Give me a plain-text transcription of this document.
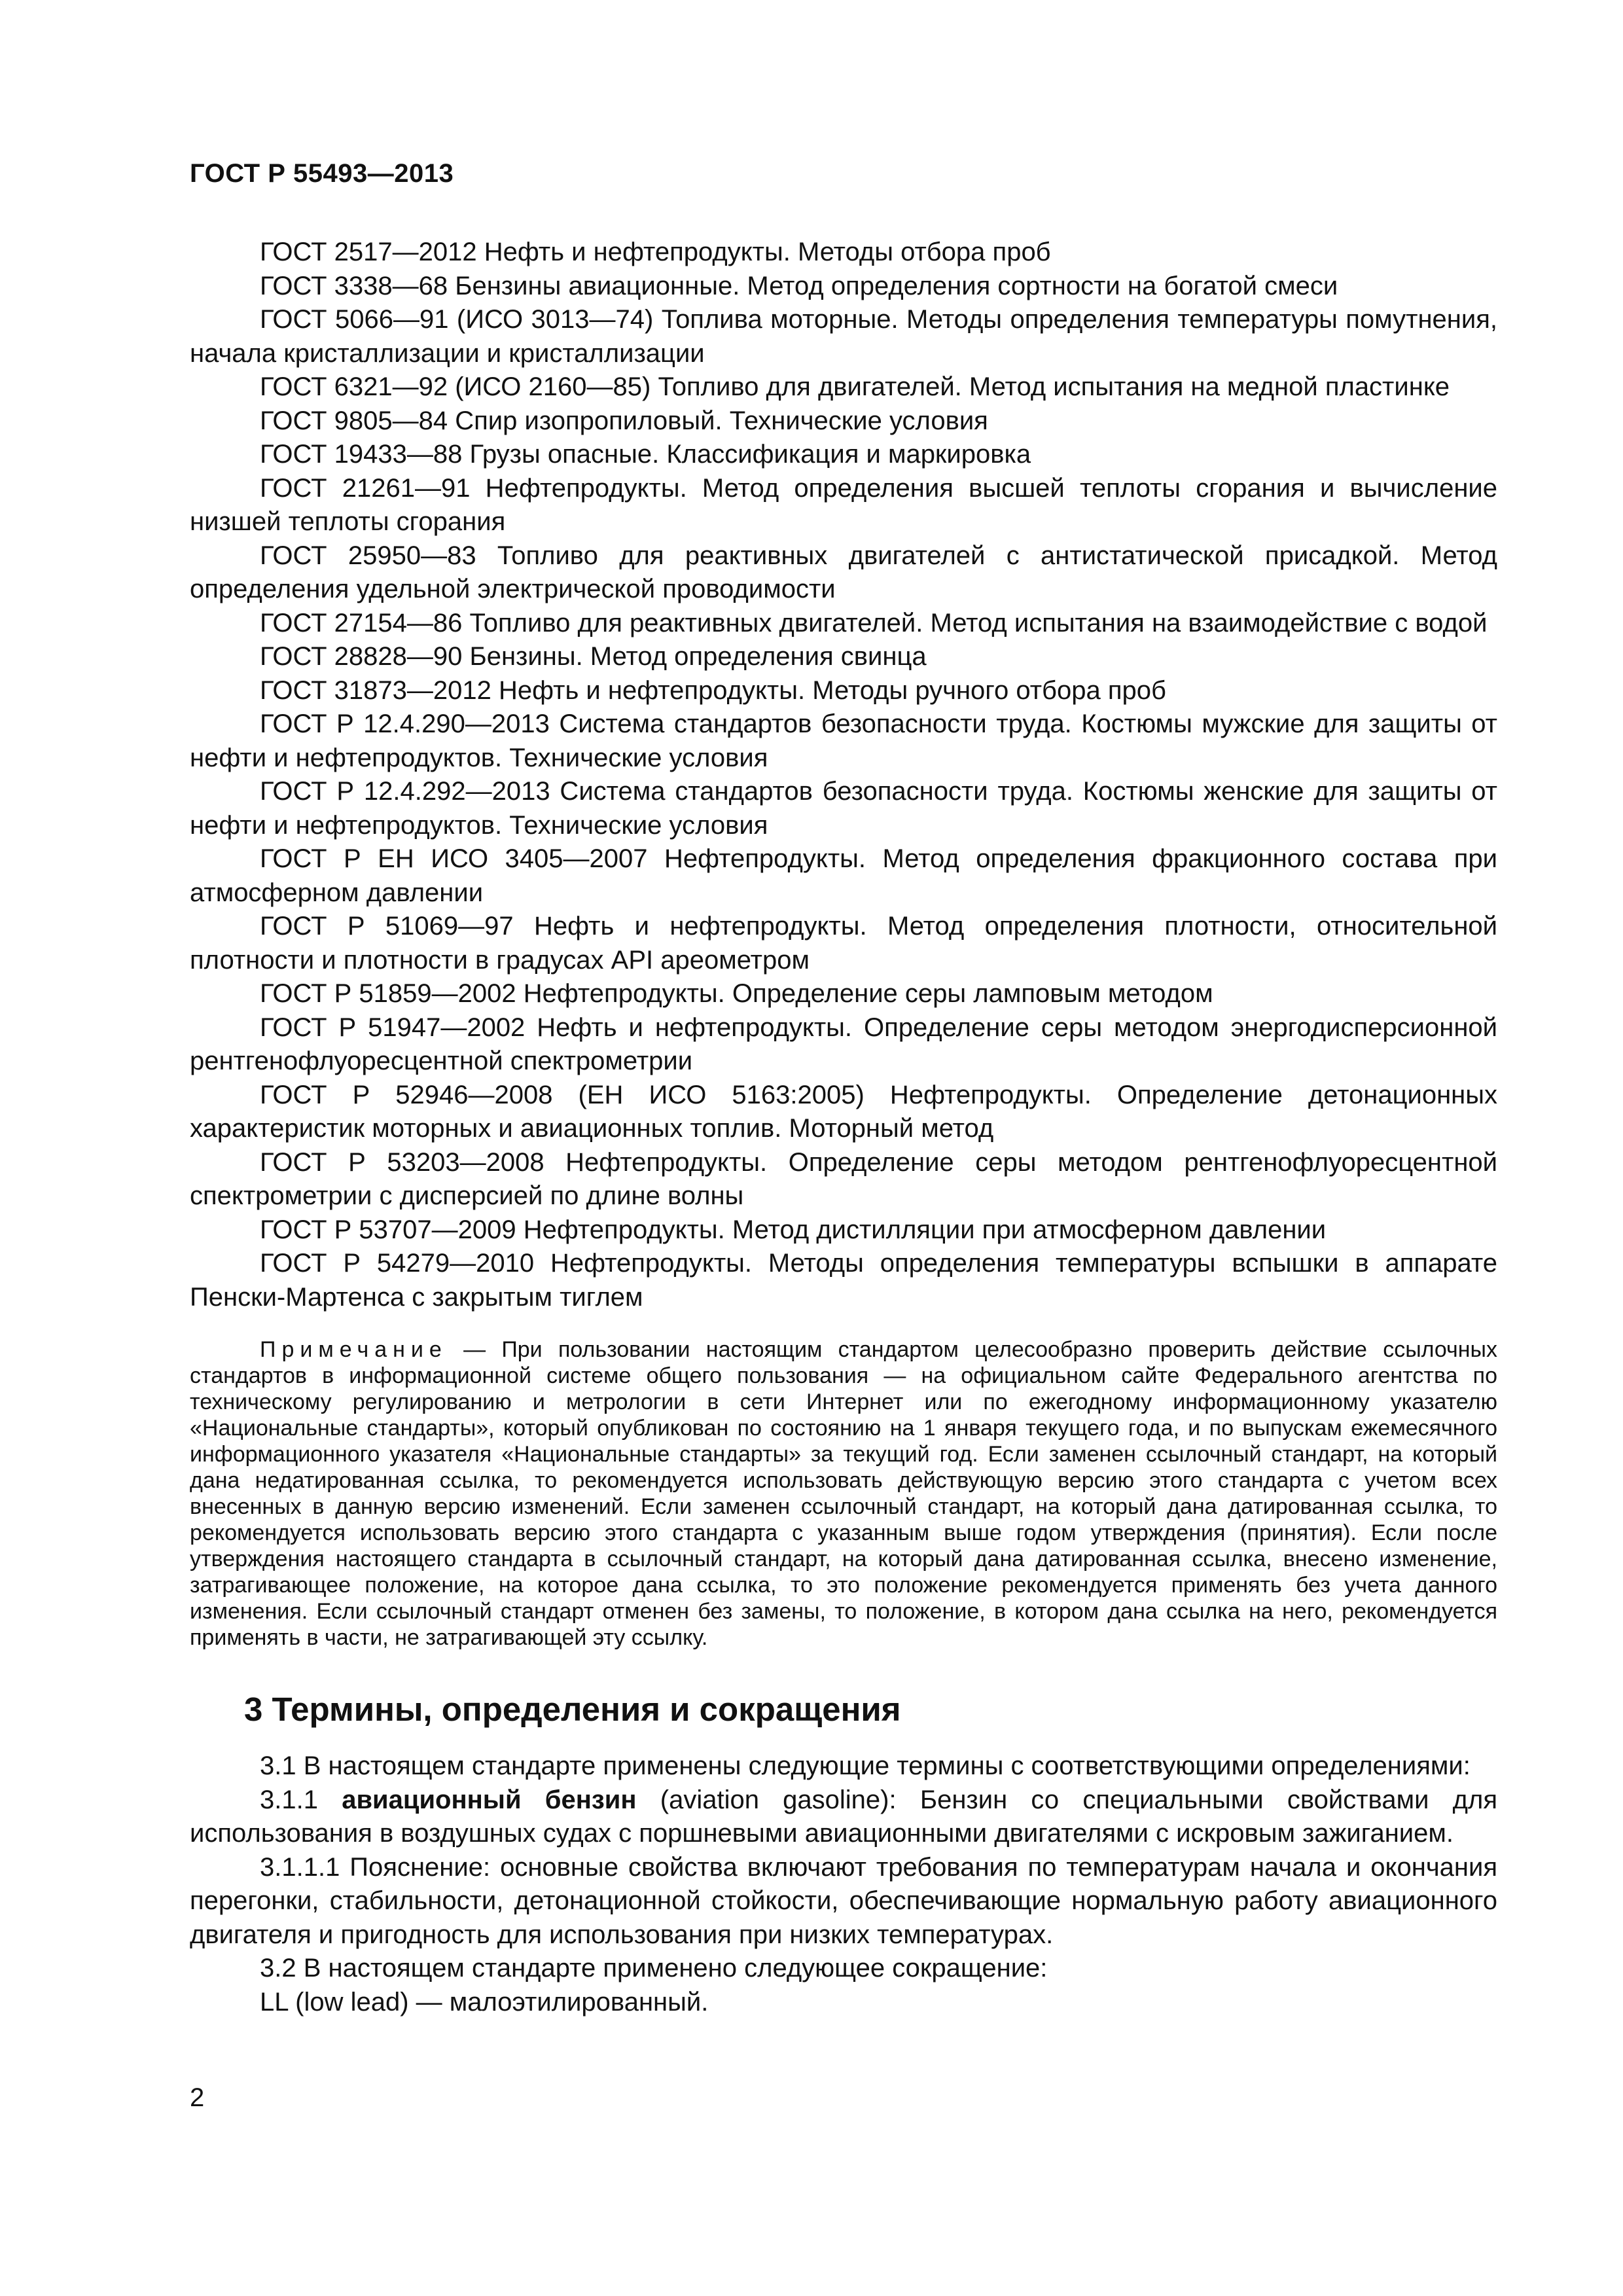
ГОСТ Р 55493—2013

ГОСТ 2517—2012 Нефть и нефтепродукты. Методы отбора проб

ГОСТ 3338—68 Бензины авиационные. Метод определения сортности на богатой смеси

ГОСТ 5066—91 (ИСО 3013—74) Топлива моторные. Методы определения температуры помутнения, начала кристаллизации и кристаллизации

ГОСТ 6321—92 (ИСО 2160—85) Топливо для двигателей. Метод испытания на медной пластинке

ГОСТ 9805—84 Спир изопропиловый. Технические условия

ГОСТ 19433—88 Грузы опасные. Классификация и маркировка

ГОСТ 21261—91 Нефтепродукты. Метод определения высшей теплоты сгорания и вычисление низшей теплоты сгорания

ГОСТ 25950—83 Топливо для реактивных двигателей с антистатической присадкой. Метод определения удельной электрической проводимости

ГОСТ 27154—86 Топливо для реактивных двигателей. Метод испытания на взаимодействие с водой

ГОСТ 28828—90 Бензины. Метод определения свинца

ГОСТ 31873—2012 Нефть и нефтепродукты. Методы ручного отбора проб

ГОСТ Р 12.4.290—2013 Система стандартов безопасности труда. Костюмы мужские для защиты от нефти и нефтепродуктов. Технические условия

ГОСТ Р 12.4.292—2013 Система стандартов безопасности труда. Костюмы женские для защиты от нефти и нефтепродуктов. Технические условия

ГОСТ Р ЕН ИСО 3405—2007 Нефтепродукты. Метод определения фракционного состава при атмосферном давлении

ГОСТ Р 51069—97 Нефть и нефтепродукты. Метод определения плотности, относительной плотности и плотности в градусах API ареометром

ГОСТ Р 51859—2002 Нефтепродукты. Определение серы ламповым методом

ГОСТ Р 51947—2002 Нефть и нефтепродукты. Определение серы методом энергодисперсионной рентгенофлуоресцентной спектрометрии

ГОСТ Р 52946—2008 (ЕН ИСО 5163:2005) Нефтепродукты. Определение детонационных характеристик моторных и авиационных топлив. Моторный метод

ГОСТ Р 53203—2008 Нефтепродукты. Определение серы методом рентгенофлуоресцентной спектрометрии с дисперсией по длине волны

ГОСТ Р 53707—2009 Нефтепродукты. Метод дистилляции при атмосферном давлении

ГОСТ Р 54279—2010 Нефтепродукты. Методы определения температуры вспышки в аппарате Пенски-Мартенса с закрытым тиглем

Примечание — При пользовании настоящим стандартом целесообразно проверить действие ссылочных стандартов в информационной системе общего пользования — на официальном сайте Федерального агентства по техническому регулированию и метрологии в сети Интернет или по ежегодному информационному указателю «Национальные стандарты», который опубликован по состоянию на 1 января текущего года, и по выпускам ежемесячного информационного указателя «Национальные стандарты» за текущий год. Если заменен ссылочный стандарт, на который дана недатированная ссылка, то рекомендуется использовать действующую версию этого стандарта с учетом всех внесенных в данную версию изменений. Если заменен ссылочный стандарт, на который дана датированная ссылка, то рекомендуется использовать версию этого стандарта с указанным выше годом утверждения (принятия). Если после утверждения настоящего стандарта в ссылочный стандарт, на который дана датированная ссылка, внесено изменение, затрагивающее положение, на которое дана ссылка, то это положение рекомендуется применять без учета данного изменения. Если ссылочный стандарт отменен без замены, то положение, в котором дана ссылка на него, рекомендуется применять в части, не затрагивающей эту ссылку.
3 Термины, определения и сокращения

3.1 В настоящем стандарте применены следующие термины с соответствующими определениями:

3.1.1 авиационный бензин (aviation gasoline): Бензин со специальными свойствами для использования в воздушных судах с поршневыми авиационными двигателями с искровым зажиганием.

3.1.1.1 Пояснение: основные свойства включают требования по температурам начала и окончания перегонки, стабильности, детонационной стойкости, обеспечивающие нормальную работу авиационного двигателя и пригодность для использования при низких температурах.

3.2 В настоящем стандарте применено следующее сокращение:

LL (low lead) — малоэтилированный.

2
